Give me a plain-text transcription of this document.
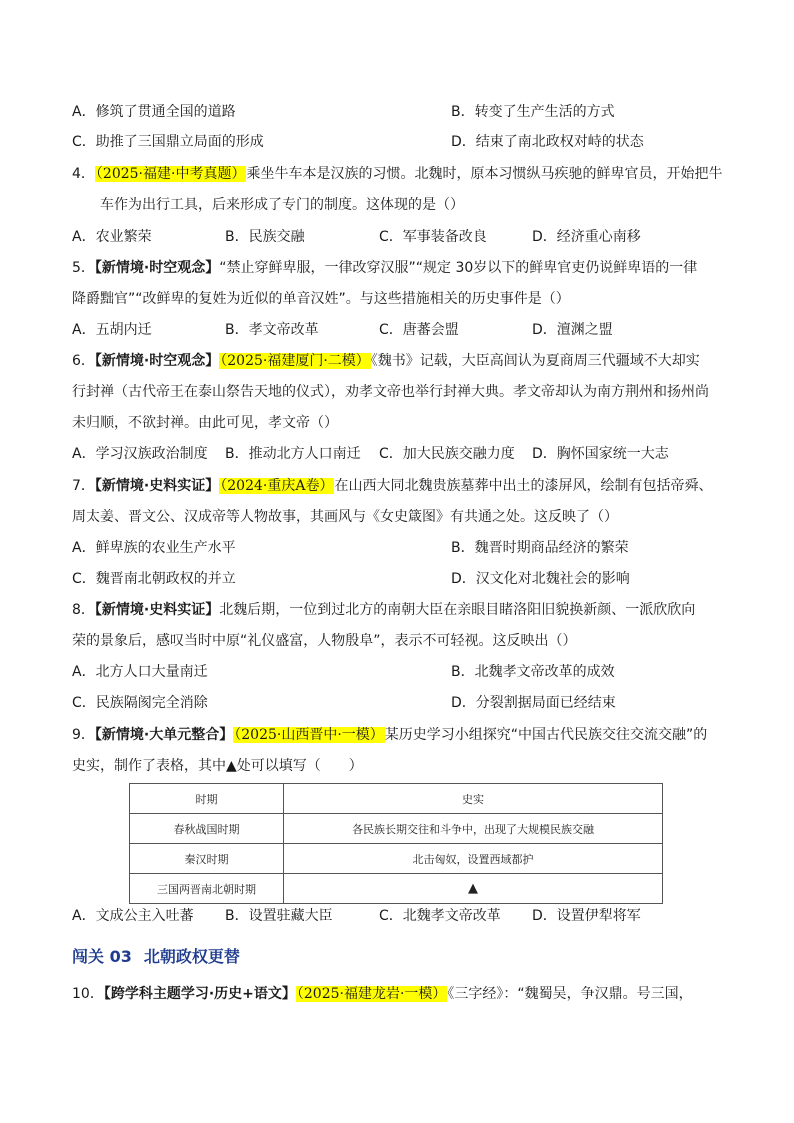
A．修筑了贯通全国的道路	B．转变了生产生活的方式
C．助推了三国鼎立局面的形成	D．结束了南北政权对峙的状态
4．（2025·福建·中考真题）乘坐牛车本是汉族的习惯。北魏时，原本习惯纵马疾驰的鲜卑官员，开始把牛
车作为出行工具，后来形成了专门的制度。这体现的是（）
A．农业繁荣	B．民族交融	C．军事装备改良	D．经济重心南移
5．【新情境·时空观念】“禁止穿鲜卑服，一律改穿汉服”“规定 30岁以下的鲜卑官吏仍说鲜卑语的一律
降爵黜官”“改鲜卑的复姓为近似的单音汉姓”。与这些措施相关的历史事件是（）
A．五胡内迁	B．孝文帝改革	C．唐蕃会盟	D．澶渊之盟
6．【新情境·时空观念】（2025·福建厦门·二模）《魏书》记载，大臣高闾认为夏商周三代疆域不大却实
行封禅（古代帝王在泰山祭告天地的仪式），劝孝文帝也举行封禅大典。孝文帝却认为南方荆州和扬州尚
未归顺，不欲封禅。由此可见，孝文帝（）
A．学习汉族政治制度 B．推动北方人口南迁 C．加大民族交融力度 D．胸怀国家统一大志
7．【新情境·史料实证】（2024·重庆A卷）在山西大同北魏贵族墓葬中出土的漆屏风，绘制有包括帝舜、
周太姜、晋文公、汉成帝等人物故事，其画风与《女史箴图》有共通之处。这反映了（）
A．鲜卑族的农业生产水平	B．魏晋时期商品经济的繁荣
C．魏晋南北朝政权的并立	D．汉文化对北魏社会的影响
8．【新情境·史料实证】北魏后期，一位到过北方的南朝大臣在亲眼目睹洛阳旧貌换新颜、一派欣欣向
荣的景象后，感叹当时中原“礼仪盛富，人物殷阜”，表示不可轻视。这反映出（）
A．北方人口大量南迁	B．北魏孝文帝改革的成效
C．民族隔阂完全消除	D．分裂割据局面已经结束
9．【新情境·大单元整合】（2025·山西晋中·一模）某历史学习小组探究“中国古代民族交往交流交融”的
史实，制作了表格，其中▲处可以填写（　　）
时期	史实
春秋战国时期	各民族长期交往和斗争中，出现了大规模民族交融
秦汉时期	北击匈奴，设置西域都护
三国两晋南北朝时期	▲
A．文成公主入吐蕃 B．设置驻藏大臣	C．北魏孝文帝改革 D．设置伊犁将军
闯关 03 北朝政权更替
10．【跨学科主题学习·历史+语文】（2025·福建龙岩·一模）《三字经》：“魏蜀吴，争汉鼎。号三国，
